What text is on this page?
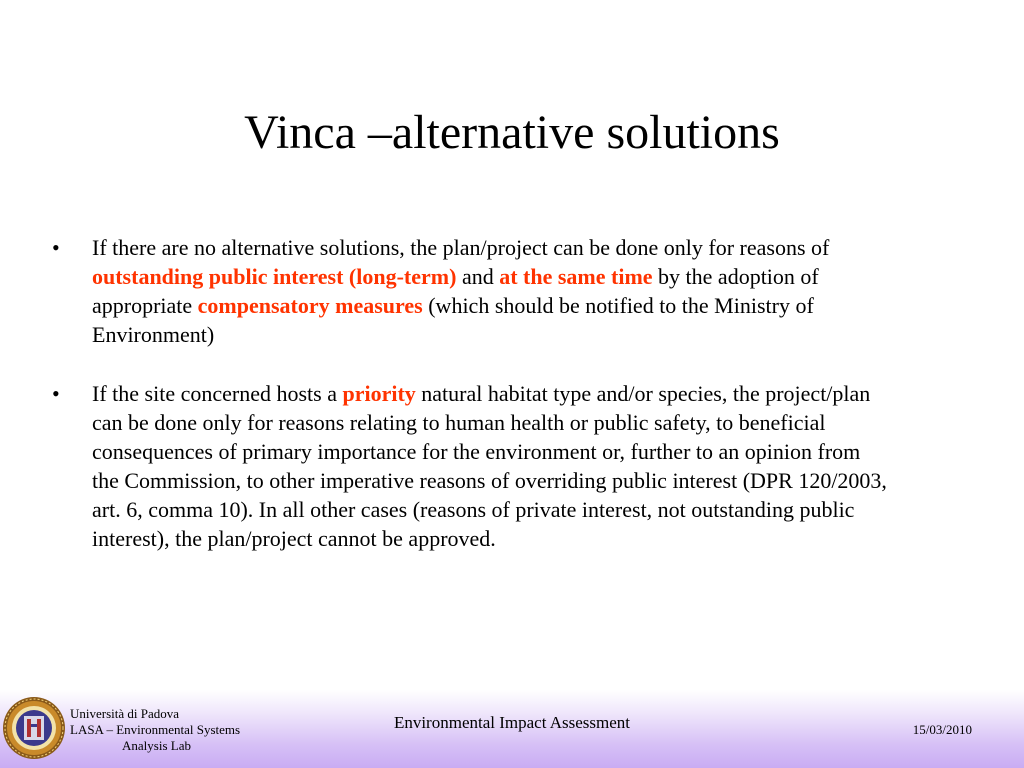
Vinca –alternative solutions
•	If there are no alternative solutions, the plan/project can be done only for reasons of outstanding public interest (long-term) and at the same time by the adoption of appropriate compensatory measures (which should be notified to the Ministry of Environment)
•	If the site concerned hosts a priority natural habitat type and/or species, the project/plan can be done only for reasons relating to human health or public safety, to beneficial consequences of primary importance for the environment or, further to an opinion from the Commission, to other imperative reasons of overriding public interest (DPR 120/2003, art. 6, comma 10). In all other cases (reasons of private interest, not outstanding public interest), the plan/project cannot be approved.
Università di Padova
LASA – Environmental Systems
Analysis Lab
Environmental Impact Assessment	15/03/2010
